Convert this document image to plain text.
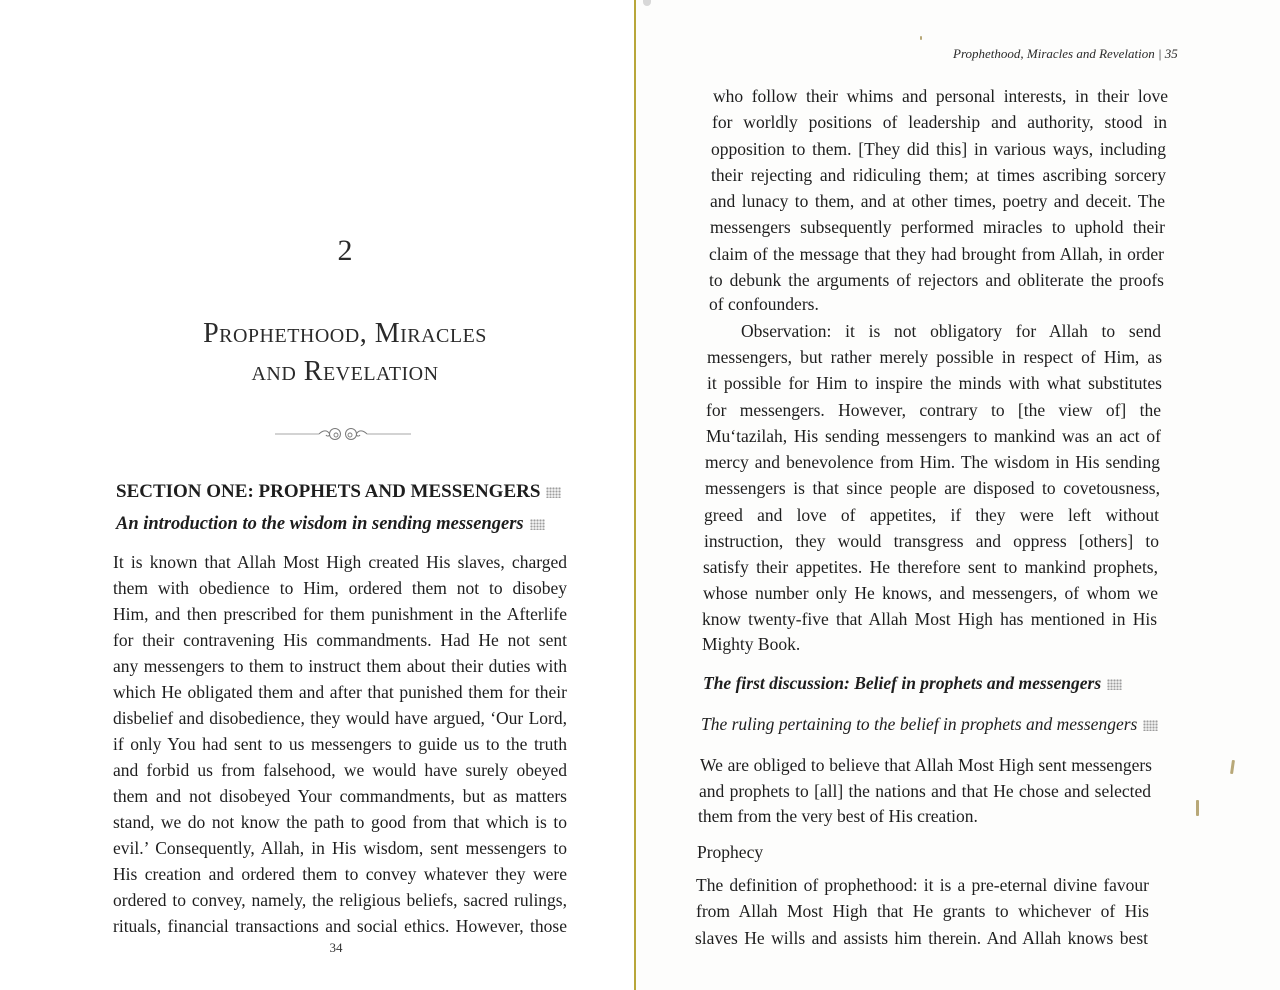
2
Prophethood, Miracles
and Revelation
SECTION ONE: PROPHETS AND MESSENGERS
An introduction to the wisdom in sending messengers
It is known that Allah Most High created His slaves, charged
them with obedience to Him, ordered them not to disobey
Him, and then prescribed for them punishment in the Afterlife
for their contravening His commandments. Had He not sent
any messengers to them to instruct them about their duties with
which He obligated them and after that punished them for their
disbelief and disobedience, they would have argued, ‘Our Lord,
if only You had sent to us messengers to guide us to the truth
and forbid us from falsehood, we would have surely obeyed
them and not disobeyed Your commandments, but as matters
stand, we do not know the path to good from that which is to
evil.’ Consequently, Allah, in His wisdom, sent messengers to
His creation and ordered them to convey whatever they were
ordered to convey, namely, the religious beliefs, sacred rulings,
rituals, financial transactions and social ethics. However, those
34
Prophethood, Miracles and Revelation | 35
who follow their whims and personal interests, in their love
for worldly positions of leadership and authority, stood in
opposition to them. [They did this] in various ways, including
their rejecting and ridiculing them; at times ascribing sorcery
and lunacy to them, and at other times, poetry and deceit. The
messengers subsequently performed miracles to uphold their
claim of the message that they had brought from Allah, in order
to debunk the arguments of rejectors and obliterate the proofs
of confounders.
Observation: it is not obligatory for Allah to send
messengers, but rather merely possible in respect of Him, as
it possible for Him to inspire the minds with what substitutes
for messengers. However, contrary to [the view of] the
Mu‘tazilah, His sending messengers to mankind was an act of
mercy and benevolence from Him. The wisdom in His sending
messengers is that since people are disposed to covetousness,
greed and love of appetites, if they were left without
instruction, they would transgress and oppress [others] to
satisfy their appetites. He therefore sent to mankind prophets,
whose number only He knows, and messengers, of whom we
know twenty-five that Allah Most High has mentioned in His
Mighty Book.
The first discussion: Belief in prophets and messengers
The ruling pertaining to the belief in prophets and messengers
We are obliged to believe that Allah Most High sent messengers
and prophets to [all] the nations and that He chose and selected
them from the very best of His creation.
Prophecy
The definition of prophethood: it is a pre-eternal divine favour
from Allah Most High that He grants to whichever of His
slaves He wills and assists him therein. And Allah knows best
